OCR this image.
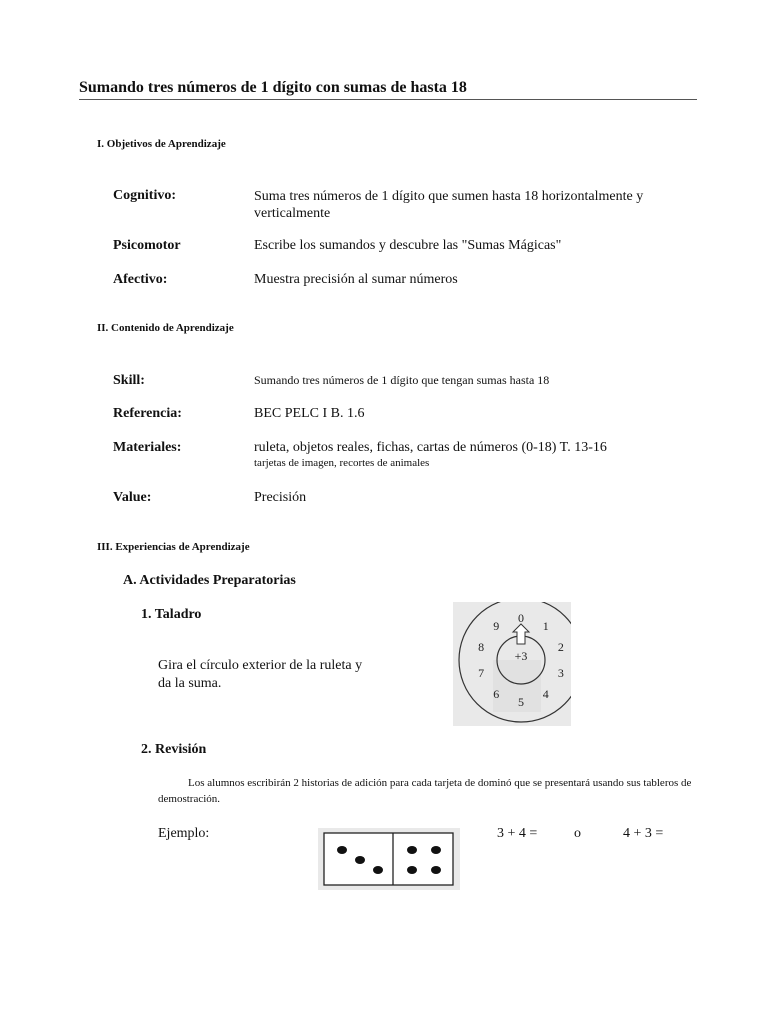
Sumando tres números de 1 dígito con sumas de hasta 18
I. Objetivos de Aprendizaje
Cognitivo:	Suma tres números de 1 dígito que sumen hasta 18 horizontalmente y verticalmente
Psicomotor	Escribe los sumandos y descubre las "Sumas Mágicas"
Afectivo:	Muestra precisión al sumar números
II. Contenido de Aprendizaje
Skill:	Sumando tres números de 1 dígito que tengan sumas hasta 18
Referencia:	BEC PELC I B. 1.6
Materiales:	ruleta, objetos reales, fichas, cartas de números (0-18) T. 13-16
tarjetas de imagen, recortes de animales
Value:	Precisión
III. Experiencias de Aprendizaje
A. Actividades Preparatorias
1. Taladro
Gira el círculo exterior de la ruleta y da la suma.
+3
0
1
2
3
4
5
6
7
8
9
2. Revisión
Los alumnos escribirán 2 historias de adición para cada tarjeta de dominó que se presentará usando sus tableros de demostración.
Ejemplo:	3 + 4 =	o	4 + 3 =
